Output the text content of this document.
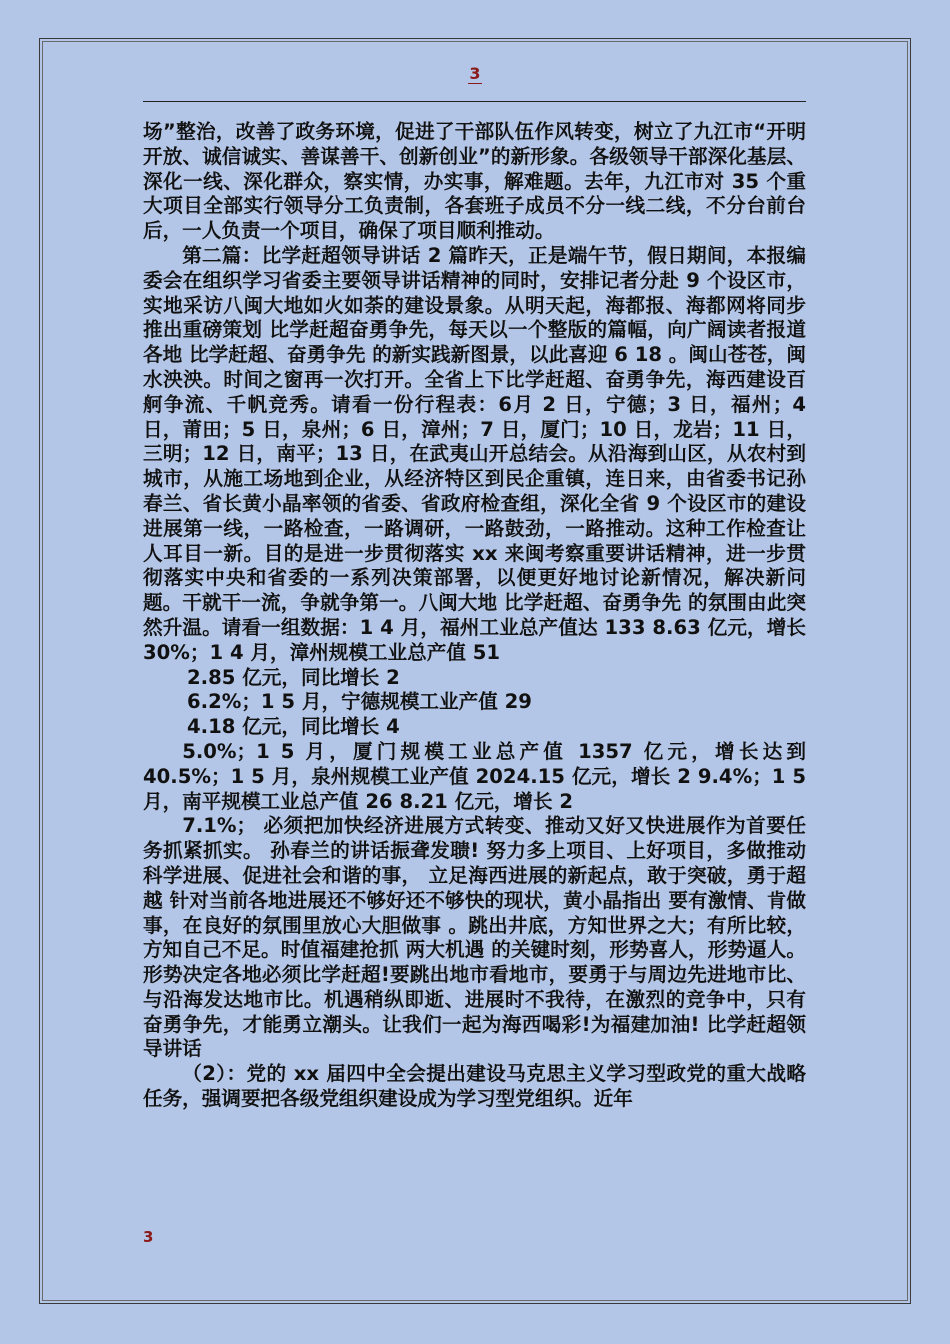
3

场”整治，改善了政务环境，促进了干部队伍作风转变，树立了九江市“开明开放、诚信诚实、善谋善干、创新创业”的新形象。各级领导干部深化基层、深化一线、深化群众，察实情，办实事，解难题。去年，九江市对 35 个重大项目全部实行领导分工负责制，各套班子成员不分一线二线，不分台前台后，一人负责一个项目，确保了项目顺利推动。

第二篇：比学赶超领导讲话 2 篇昨天，正是端午节，假日期间，本报编委会在组织学习省委主要领导讲话精神的同时，安排记者分赴 9 个设区市，实地采访八闽大地如火如荼的建设景象。从明天起，海都报、海都网将同步推出重磅策划 比学赶超奋勇争先，每天以一个整版的篇幅，向广阔读者报道各地 比学赶超、奋勇争先 的新实践新图景，以此喜迎 6 18 。闽山苍苍，闽水泱泱。时间之窗再一次打开。全省上下比学赶超、奋勇争先，海西建设百舸争流、千帆竞秀。请看一份行程表：6月 2 日，宁德；3 日，福州；4 日，莆田；5 日，泉州；6 日，漳州；7 日，厦门；10 日，龙岩；11 日，三明；12 日，南平；13 日，在武夷山开总结会。从沿海到山区，从农村到城市，从施工场地到企业，从经济特区到民企重镇，连日来，由省委书记孙春兰、省长黄小晶率领的省委、省政府检查组，深化全省 9 个设区市的建设进展第一线，一路检查，一路调研，一路鼓劲，一路推动。这种工作检查让人耳目一新。目的是进一步贯彻落实 xx 来闽考察重要讲话精神，进一步贯彻落实中央和省委的一系列决策部署，以便更好地讨论新情况，解决新问题。干就干一流，争就争第一。八闽大地 比学赶超、奋勇争先 的氛围由此突然升温。请看一组数据：1 4 月，福州工业总产值达 133 8.63 亿元，增长 30%；1 4 月，漳州规模工业总产值 51

2.85 亿元，同比增长 2

6.2%；1 5 月，宁德规模工业产值 29

4.18 亿元，同比增长 4

5.0%；1 5 月，厦门规模工业总产值 1357 亿元，增长达到 40.5%；1 5 月，泉州规模工业产值 2024.15 亿元，增长 2 9.4%；1 5 月，南平规模工业总产值 26 8.21 亿元，增长 2

7.1%； 必须把加快经济进展方式转变、推动又好又快进展作为首要任务抓紧抓实。 孙春兰的讲话振聋发聩! 努力多上项目、上好项目，多做推动科学进展、促进社会和谐的事， 立足海西进展的新起点，敢于突破，勇于超越 针对当前各地进展还不够好还不够快的现状，黄小晶指出 要有激情、肯做事，在良好的氛围里放心大胆做事 。跳出井底，方知世界之大；有所比较，方知自己不足。时值福建抢抓 两大机遇 的关键时刻，形势喜人，形势逼人。形势决定各地必须比学赶超!要跳出地市看地市，要勇于与周边先进地市比、与沿海发达地市比。机遇稍纵即逝、进展时不我待，在激烈的竞争中，只有奋勇争先，才能勇立潮头。让我们一起为海西喝彩!为福建加油! 比学赶超领导讲话

（2）：党的 xx 届四中全会提出建设马克思主义学习型政党的重大战略任务，强调要把各级党组织建设成为学习型党组织。近年

3
